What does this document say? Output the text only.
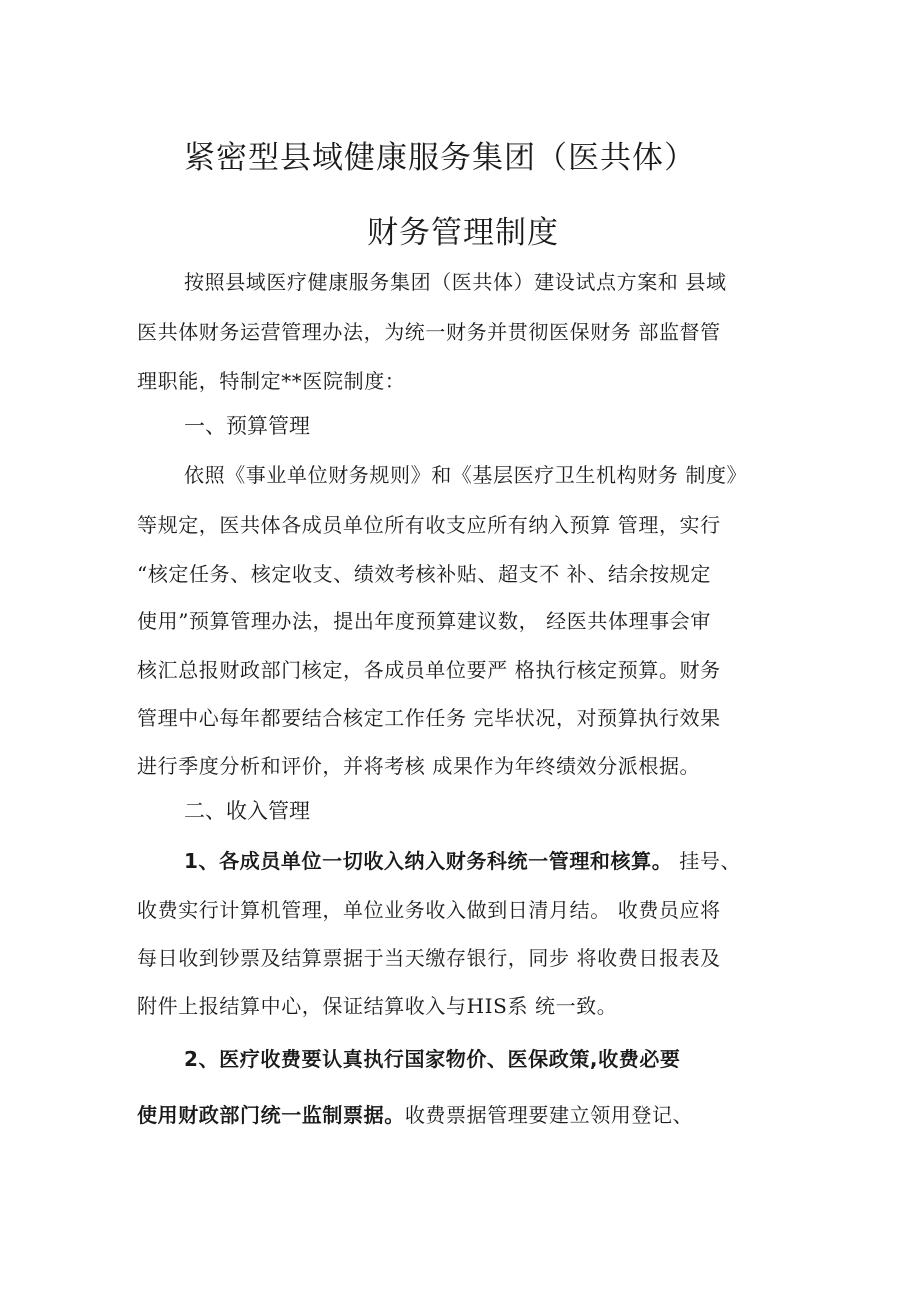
紧密型县域健康服务集团（医共体）
财务管理制度
按照县域医疗健康服务集团（医共体）建设试点方案和 县域
医共体财务运营管理办法，为统一财务并贯彻医保财务 部监督管
理职能，特制定**医院制度：
一、预算管理
依照《事业单位财务规则》和《基层医疗卫生机构财务 制度》
等规定，医共体各成员单位所有收支应所有纳入预算 管理，实行
“核定任务、核定收支、绩效考核补贴、超支不 补、结余按规定
使用”预算管理办法，提出年度预算建议数， 经医共体理事会审
核汇总报财政部门核定，各成员单位要严 格执行核定预算。财务
管理中心每年都要结合核定工作任务 完毕状况，对预算执行效果
进行季度分析和评价，并将考核 成果作为年终绩效分派根据。
二、收入管理
1、各成员单位一切收入纳入财务科统一管理和核算。 挂号、
收费实行计算机管理，单位业务收入做到日清月结。 收费员应将
每日收到钞票及结算票据于当天缴存银行，同步 将收费日报表及
附件上报结算中心，保证结算收入与HIS系 统一致。
2、医疗收费要认真执行国家物价、医保政策,收费必要
使用财政部门统一监制票据。收费票据管理要建立领用登记、
